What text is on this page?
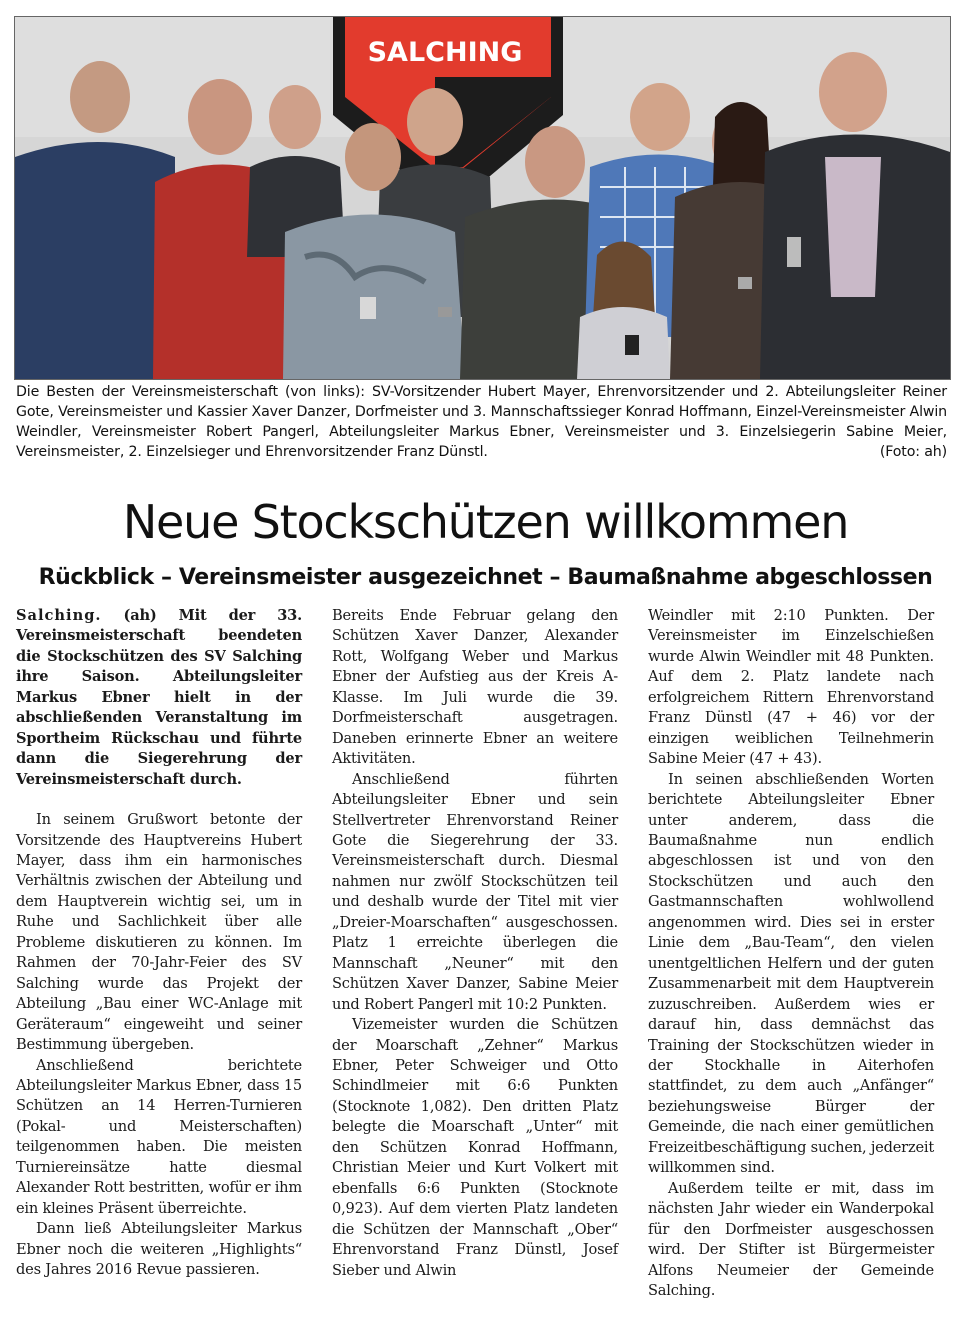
SALCHING
Die Besten der Vereinsmeisterschaft (von links): SV-Vorsitzender Hubert Mayer, Ehrenvorsitzender und 2. Abteilungsleiter Reiner Gote, Vereinsmeister und Kassier Xaver Danzer, Dorfmeister und 3. Mannschaftssieger Konrad Hoffmann, Einzel-Vereinsmeister Alwin Weindler, Vereinsmeister Robert Pangerl, Abteilungsleiter Markus Ebner, Vereinsmeister und 3. Einzelsiegerin Sabine Meier, Vereinsmeister, 2. Einzelsieger und Ehrenvorsitzender Franz Dünstl.	(Foto: ah)
Neue Stockschützen willkommen
Rückblick – Vereinsmeister ausgezeichnet – Baumaßnahme abgeschlossen

Salching. (ah) Mit der 33. Vereinsmeisterschaft beendeten die Stockschützen des SV Salching ihre Saison. Abteilungsleiter Markus Ebner hielt in der abschließenden Veranstaltung im Sportheim Rückschau und führte dann die Siegerehrung der Vereinsmeisterschaft durch.

In seinem Grußwort betonte der Vorsitzende des Hauptvereins Hubert Mayer, dass ihm ein harmonisches Verhältnis zwischen der Abteilung und dem Hauptverein wichtig sei, um in Ruhe und Sachlichkeit über alle Probleme diskutieren zu können. Im Rahmen der 70-Jahr-Feier des SV Salching wurde das Projekt der Abteilung „Bau einer WC-Anlage mit Geräteraum“ eingeweiht und seiner Bestimmung übergeben.

Anschließend berichtete Abteilungsleiter Markus Ebner, dass 15 Schützen an 14 Herren-Turnieren (Pokal- und Meisterschaften) teilgenommen haben. Die meisten Turniereinsätze hatte diesmal Alexander Rott bestritten, wofür er ihm ein kleines Präsent überreichte.

Dann ließ Abteilungsleiter Markus Ebner noch die weiteren „Highlights“ des Jahres 2016 Revue passieren.

Bereits Ende Februar gelang den Schützen Xaver Danzer, Alexander Rott, Wolfgang Weber und Markus Ebner der Aufstieg aus der Kreis A-Klasse. Im Juli wurde die 39. Dorfmeisterschaft ausgetragen. Daneben erinnerte Ebner an weitere Aktivitäten.

Anschließend führten Abteilungsleiter Ebner und sein Stellvertreter Ehrenvorstand Reiner Gote die Siegerehrung der 33. Vereinsmeisterschaft durch. Diesmal nahmen nur zwölf Stockschützen teil und deshalb wurde der Titel mit vier „Dreier-Moarschaften“ ausgeschossen. Platz 1 erreichte überlegen die Mannschaft „Neuner“ mit den Schützen Xaver Danzer, Sabine Meier und Robert Pangerl mit 10:2 Punkten.

Vizemeister wurden die Schützen der Moarschaft „Zehner“ Markus Ebner, Peter Schweiger und Otto Schindlmeier mit 6:6 Punkten (Stocknote 1,082). Den dritten Platz belegte die Moarschaft „Unter“ mit den Schützen Konrad Hoffmann, Christian Meier und Kurt Volkert mit ebenfalls 6:6 Punkten (Stocknote 0,923). Auf dem vierten Platz landeten die Schützen der Mannschaft „Ober“ Ehrenvorstand Franz Dünstl, Josef Sieber und Alwin

Weindler mit 2:10 Punkten. Der Vereinsmeister im Einzelschießen wurde Alwin Weindler mit 48 Punkten. Auf dem 2. Platz landete nach erfolgreichem Rittern Ehrenvorstand Franz Dünstl (47 + 46) vor der einzigen weiblichen Teilnehmerin Sabine Meier (47 + 43).

In seinen abschließenden Worten berichtete Abteilungsleiter Ebner unter anderem, dass die Baumaßnahme nun endlich abgeschlossen ist und von den Stockschützen und auch den Gastmannschaften wohlwollend angenommen wird. Dies sei in erster Linie dem „Bau-Team“, den vielen unentgeltlichen Helfern und der guten Zusammenarbeit mit dem Hauptverein zuzuschreiben. Außerdem wies er darauf hin, dass demnächst das Training der Stockschützen wieder in der Stockhalle in Aiterhofen stattfindet, zu dem auch „Anfänger“ beziehungsweise Bürger der Gemeinde, die nach einer gemütlichen Freizeitbeschäftigung suchen, jederzeit willkommen sind.

Außerdem teilte er mit, dass im nächsten Jahr wieder ein Wanderpokal für den Dorfmeister ausgeschossen wird. Der Stifter ist Bürgermeister Alfons Neumeier der Gemeinde Salching.
